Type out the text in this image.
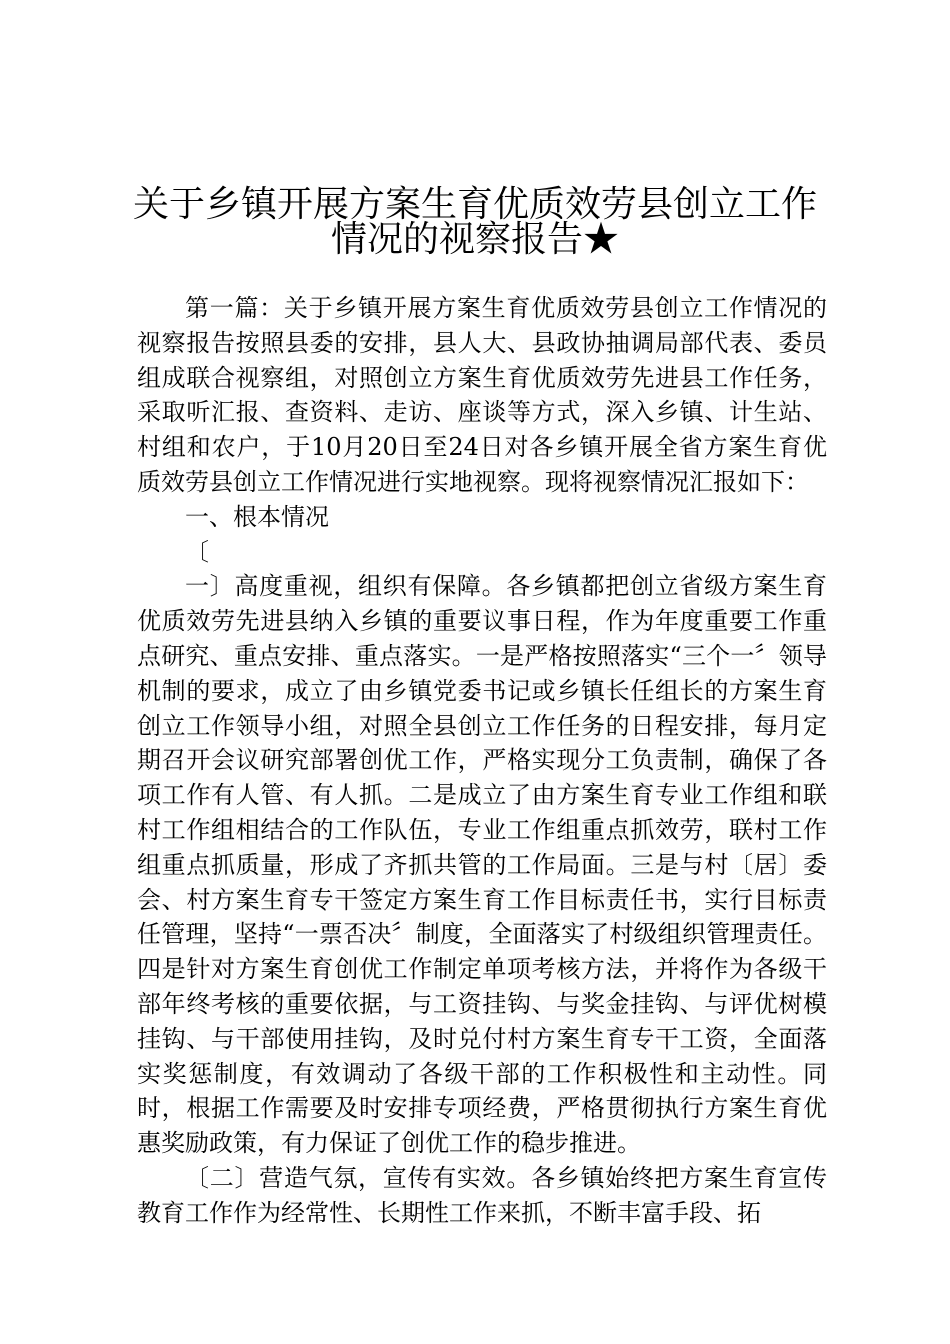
关于乡镇开展方案生育优质效劳县创立工作
情况的视察报告★

第一篇：关于乡镇开展方案生育优质效劳县创立工作情况的视察报告按照县委的安排，县人大、县政协抽调局部代表、委员组成联合视察组，对照创立方案生育优质效劳先进县工作任务，采取听汇报、查资料、走访、座谈等方式，深入乡镇、计生站、村组和农户，于10月20日至24日对各乡镇开展全省方案生育优质效劳县创立工作情况进行实地视察。现将视察情况汇报如下：

一、根本情况

〔

一〕高度重视，组织有保障。各乡镇都把创立省级方案生育优质效劳先进县纳入乡镇的重要议事日程，作为年度重要工作重点研究、重点安排、重点落实。一是严格按照落实“三个一〞领导机制的要求，成立了由乡镇党委书记或乡镇长任组长的方案生育创立工作领导小组，对照全县创立工作任务的日程安排，每月定期召开会议研究部署创优工作，严格实现分工负责制，确保了各项工作有人管、有人抓。二是成立了由方案生育专业工作组和联村工作组相结合的工作队伍，专业工作组重点抓效劳，联村工作组重点抓质量，形成了齐抓共管的工作局面。三是与村〔居〕委会、村方案生育专干签定方案生育工作目标责任书，实行目标责任管理，坚持“一票否决〞制度，全面落实了村级组织管理责任。四是针对方案生育创优工作制定单项考核方法，并将作为各级干部年终考核的重要依据，与工资挂钩、与奖金挂钩、与评优树模挂钩、与干部使用挂钩，及时兑付村方案生育专干工资，全面落实奖惩制度，有效调动了各级干部的工作积极性和主动性。同时，根据工作需要及时安排专项经费，严格贯彻执行方案生育优惠奖励政策，有力保证了创优工作的稳步推进。

〔二〕营造气氛，宣传有实效。各乡镇始终把方案生育宣传教育工作作为经常性、长期性工作来抓，不断丰富手段、拓
